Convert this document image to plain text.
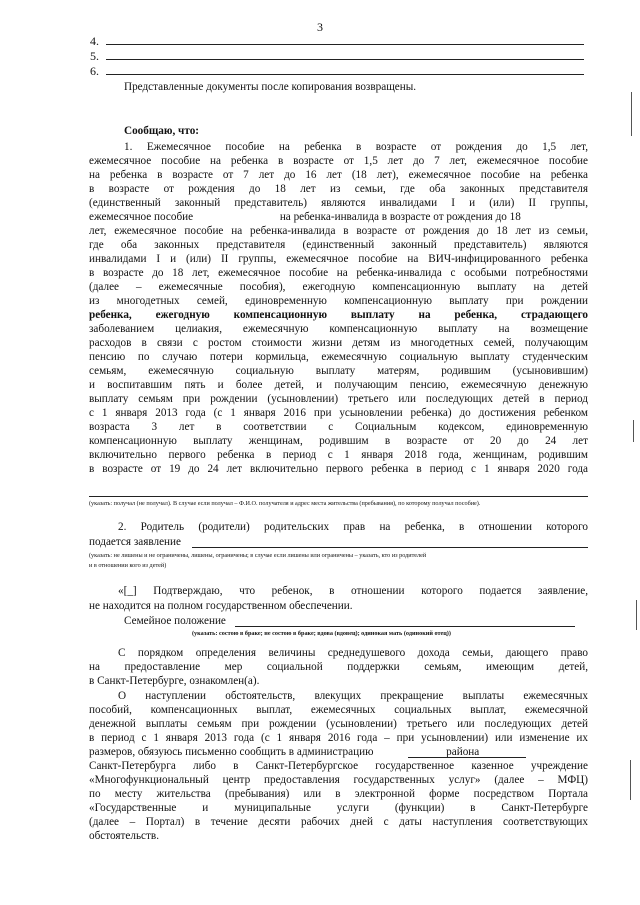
3
4.
5.
6.
Представленные документы после копирования возвращены.
Сообщаю, что:
1. Ежемесячное пособие на ребенка в возрасте от рождения до 1,5 лет,
ежемесячное пособие на ребенка в возрасте от 1,5 лет до 7 лет, ежемесячное пособие
на ребенка в возрасте от 7 лет до 16 лет (18 лет), ежемесячное пособие на ребенка
в возрасте от рождения до 18 лет из семьи, где оба законных представителя
(единственный законный представитель) являются инвалидами I и (или) II группы,
ежемесячное пособие                               на ребенка-инвалида в возрасте от рождения до 18
лет, ежемесячное пособие на ребенка-инвалида в возрасте от рождения до 18 лет из семьи,
где оба законных представителя (единственный законный представитель) являются
инвалидами I и (или) II группы, ежемесячное пособие на ВИЧ-инфицированного ребенка
в возрасте до 18 лет, ежемесячное пособие на ребенка-инвалида с особыми потребностями
(далее – ежемесячные пособия), ежегодную компенсационную выплату на детей
из многодетных семей, единовременную компенсационную выплату при рождении
ребенка, ежегодную компенсационную выплату на ребенка, страдающего
заболеванием целиакия, ежемесячную компенсационную выплату на возмещение
расходов в связи с ростом стоимости жизни детям из многодетных семей, получающим
пенсию по случаю потери кормильца, ежемесячную социальную выплату студенческим
семьям, ежемесячную социальную выплату матерям, родившим (усыновившим)
и воспитавшим пять и более детей, и получающим пенсию, ежемесячную денежную
выплату семьям при рождении (усыновлении) третьего или последующих детей в период
с 1 января 2013 года (с 1 января 2016 при усыновлении ребенка) до достижения ребенком
возраста 3 лет в соответствии с Социальным кодексом, единовременную
компенсационную выплату женщинам, родившим в возрасте от 20 до 24 лет
включительно первого ребенка в период с 1 января 2018 года, женщинам, родившим
в возрасте от 19 до 24 лет включительно первого ребенка в период с 1 января 2020 года
(указать: получал (не получал). В случае если получал – Ф.И.О. получателя и адрес места жительства (пребывания), по которому получал пособие).
2. Родитель (родители) родительских прав на ребенка, в отношении которого
подается заявление
(указать: не лишены и не ограничены, лишены, ограничены; в случае если лишены или ограничены – указать, кто из родителей
и в отношении кого из детей)
«[_] Подтверждаю, что ребенок, в отношении которого подается заявление,
не находится на полном государственном обеспечении.
Семейное положение
(указать: состою в браке; не состою в браке; вдова (вдовец); одинокая мать (одинокий отец))
С порядком определения величины среднедушевого дохода семьи, дающего право
на предоставление мер социальной поддержки семьям, имеющим детей,
в Санкт-Петербурге, ознакомлен(а).
О наступлении обстоятельств, влекущих прекращение выплаты ежемесячных
пособий, компенсационных выплат, ежемесячных социальных выплат, ежемесячной
денежной выплаты семьям при рождении (усыновлении) третьего или последующих детей
в период с 1 января 2013 года (с 1 января 2016 года – при усыновлении) или изменение их
размеров, обязуюсь письменно сообщить в администрацию                          района
Санкт-Петербурга либо в Санкт-Петербургское государственное казенное учреждение
«Многофункциональный центр предоставления государственных услуг» (далее – МФЦ)
по месту жительства (пребывания) или в электронной форме посредством Портала
«Государственные и муниципальные услуги (функции) в Санкт-Петербурге
(далее – Портал) в течение десяти рабочих дней с даты наступления соответствующих
обстоятельств.
